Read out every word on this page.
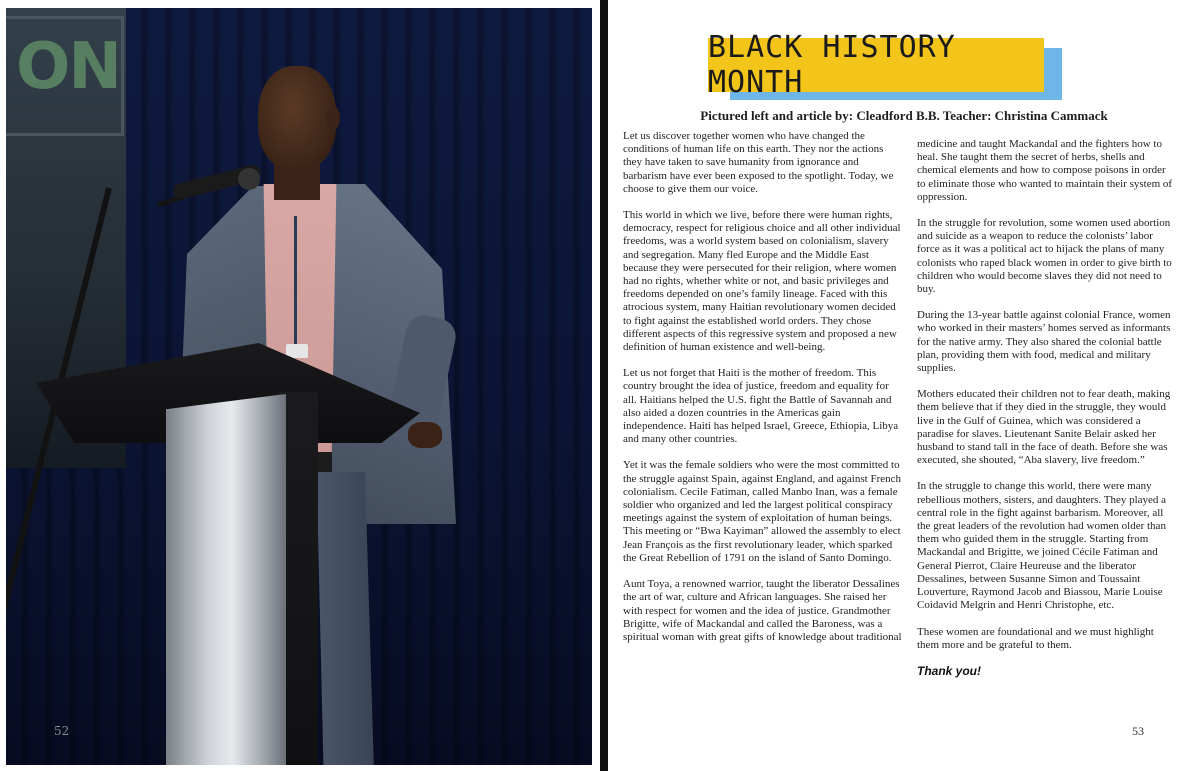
ON
52
BLACK HISTORY MONTH
Pictured left and article by: Cleadford B.B. Teacher: Christina Cammack

Let us discover together women who have changed the conditions of human life on this earth. They nor the actions they have taken to save humanity from ignorance and barbarism have ever been exposed to the spotlight. Today, we choose to give them our voice.

This world in which we live, before there were human rights, democracy, respect for religious choice and all other individual freedoms, was a world system based on colonialism, slavery and segregation. Many fled Europe and the Middle East because they were persecuted for their religion, where women had no rights, whether white or not, and basic privileges and freedoms depended on one’s family lineage. Faced with this atrocious system, many Haitian revolutionary women decided to fight against the established world orders. They chose different aspects of this regressive system and proposed a new definition of human existence and well-being.

Let us not forget that Haiti is the mother of freedom. This country brought the idea of justice, freedom and equality for all. Haitians helped the U.S. fight the Battle of Savannah and also aided a dozen countries in the Americas gain independence. Haiti has helped Israel, Greece, Ethiopia, Libya and many other countries.

Yet it was the female soldiers who were the most committed to the struggle against Spain, against England, and against French colonialism. Cecile Fatiman, called Manbo Inan, was a female soldier who organized and led the largest political conspiracy meetings against the system of exploitation of human beings. This meeting or “Bwa Kayiman” allowed the assembly to elect Jean François as the first revolutionary leader, which sparked the Great Rebellion of 1791 on the island of Santo Domingo.

Aunt Toya, a renowned warrior, taught the liberator Dessalines the art of war, culture and African languages. She raised her with respect for women and the idea of justice. Grandmother Brigitte, wife of Mackandal and called the Baroness, was a spiritual woman with great gifts of knowledge about traditional

medicine and taught Mackandal and the fighters how to heal. She taught them the secret of herbs, shells and chemical elements and how to compose poisons in order to eliminate those who wanted to maintain their system of oppression.

In the struggle for revolution, some women used abortion and suicide as a weapon to reduce the colonists’ labor force as it was a political act to hijack the plans of many colonists who raped black women in order to give birth to children who would become slaves they did not need to buy.

During the 13-year battle against colonial France, women who worked in their masters’ homes served as informants for the native army. They also shared the colonial battle plan, providing them with food, medical and military supplies.

Mothers educated their children not to fear death, making them believe that if they died in the struggle, they would live in the Gulf of Guinea, which was considered a paradise for slaves. Lieutenant Sanite Belair asked her husband to stand tall in the face of death. Before she was executed, she shouted, “Aba slavery, live freedom.”

In the struggle to change this world, there were many rebellious mothers, sisters, and daughters. They played a central role in the fight against barbarism. Moreover, all the great leaders of the revolution had women older than them who guided them in the struggle. Starting from Mackandal and Brigitte, we joined Cécile Fatiman and General Pierrot, Claire Heureuse and the liberator Dessalines, between Susanne Simon and Toussaint Louverture, Raymond Jacob and Biassou, Marie Louise Coidavid Melgrin and Henri Christophe, etc.

These women are foundational and we must highlight them more and be grateful to them.

Thank you!
53
